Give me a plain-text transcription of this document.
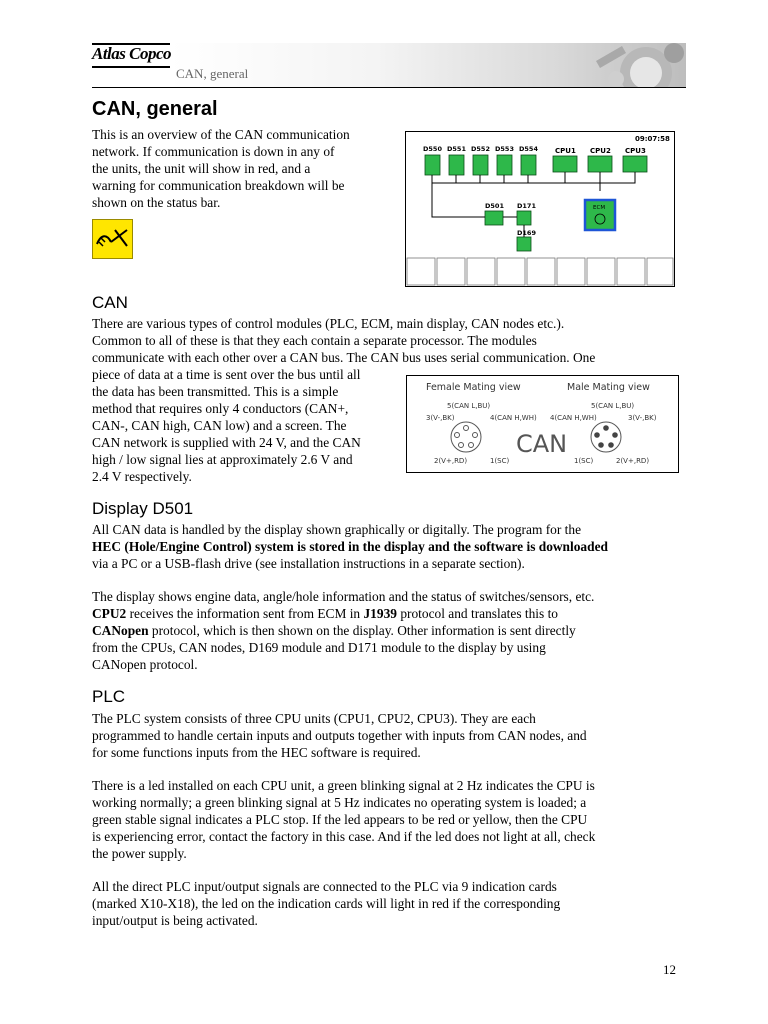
Atlas Copco
CAN, general
CAN, general

This is an overview of the CAN communication

network. If communication is down in any of

the units, the unit will show in red, and a

warning for communication breakdown will be

shown on the status bar.

09:07:58
D550 D551 D552 D553 D554 CPU1 CPU2 CPU3
ECM
D501 D171
D169
CAN

There are various types of control modules (PLC, ECM, main display, CAN nodes etc.).

Common to all of these is that they each contain a separate processor. The modules

communicate with each other over a CAN bus. The CAN bus uses serial communication. One

piece of data at a time is sent over the bus until all

the data has been transmitted. This is a simple

method that requires only 4 conductors (CAN+,

CAN-, CAN high, CAN low) and a screen. The

CAN network is supplied with 24 V, and the CAN

high / low signal lies at approximately 2.6 V and

2.4 V respectively.

Female Mating view	Male Mating view
5(CAN L,BU)
3(V-,BK)	4(CAN H,WH)
2(V+,RD)	1(SC)
5(CAN L,BU)
4(CAN H,WH)	3(V-,BK)
1(SC)	2(V+,RD)
CAN
Display D501

All CAN data is handled by the display shown graphically or digitally. The program for the

HEC (Hole/Engine Control) system is stored in the display and the software is downloaded

via a PC or a USB-flash drive (see installation instructions in a separate section).

The display shows engine data, angle/hole information and the status of switches/sensors, etc.

CPU2 receives the information sent from ECM in J1939 protocol and translates this to

CANopen protocol, which is then shown on the display. Other information is sent directly

from the CPUs, CAN nodes, D169 module and D171 module to the display by using

CANopen protocol.

PLC

The PLC system consists of three CPU units (CPU1, CPU2, CPU3). They are each

programmed to handle certain inputs and outputs together with inputs from CAN nodes, and

for some functions inputs from the HEC software is required.

There is a led installed on each CPU unit, a green blinking signal at 2 Hz indicates the CPU is

working normally; a green blinking signal at 5 Hz indicates no operating system is loaded; a

green stable signal indicates a PLC stop. If the led appears to be red or yellow, then the CPU

is experiencing error, contact the factory in this case. And if the led does not light at all, check

the power supply.

All the direct PLC input/output signals are connected to the PLC via 9 indication cards

(marked X10-X18), the led on the indication cards will light in red if the corresponding

input/output is being activated.

12
